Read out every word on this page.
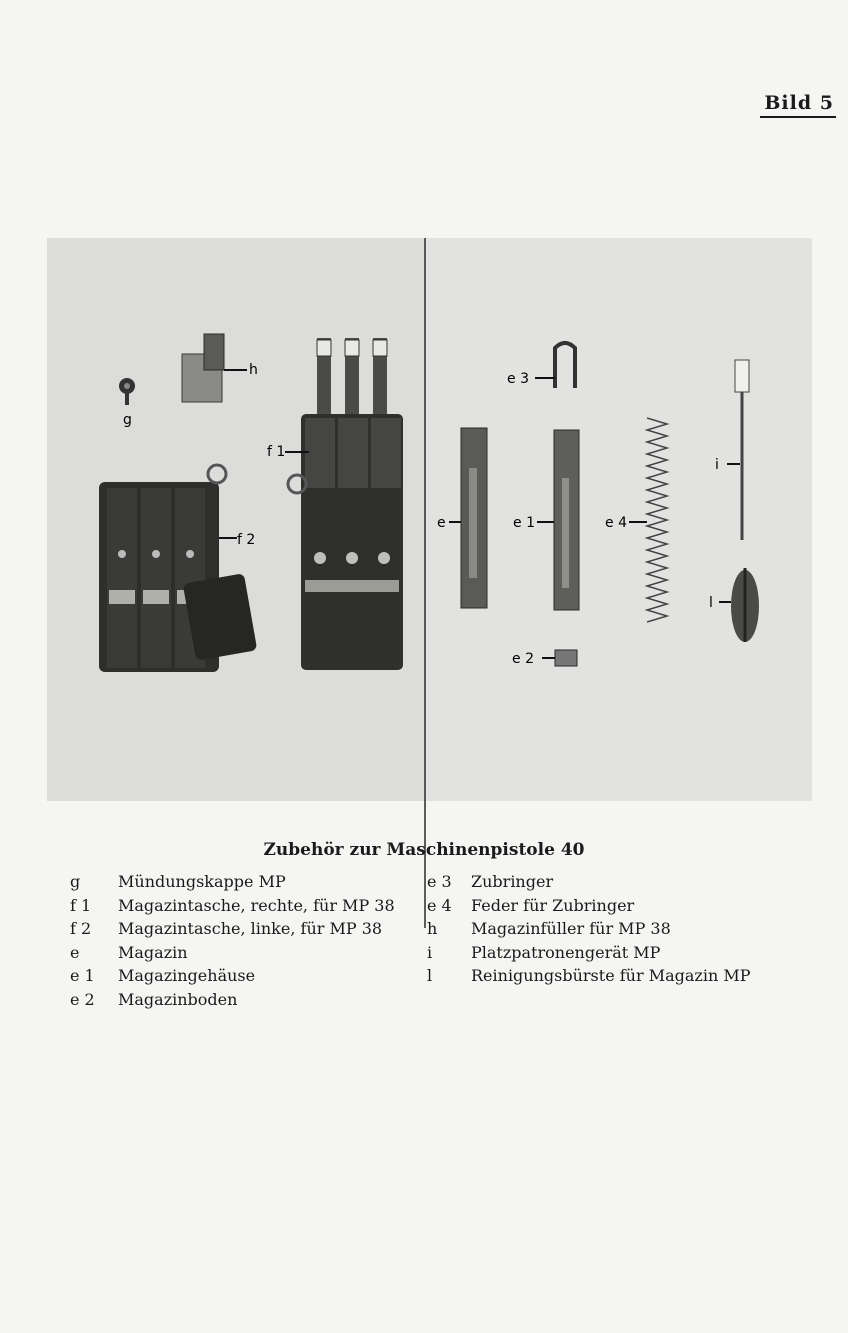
Bild 5
g
h
f 2
f 1
e 3
e	e 1	e 4
e 2
i
l
Zubehör zur Maschinenpistole 40
g	Mündungskappe MP
f 1	Magazintasche, rechte, für MP 38
f 2	Magazintasche, linke, für MP 38
e	Magazin
e 1	Magazingehäuse
e 2	Magazinboden
e 3	Zubringer
e 4	Feder für Zubringer
h	Magazinfüller für MP 38
i	Platzpatronengerät MP
l	Reinigungsbürste für Magazin MP
